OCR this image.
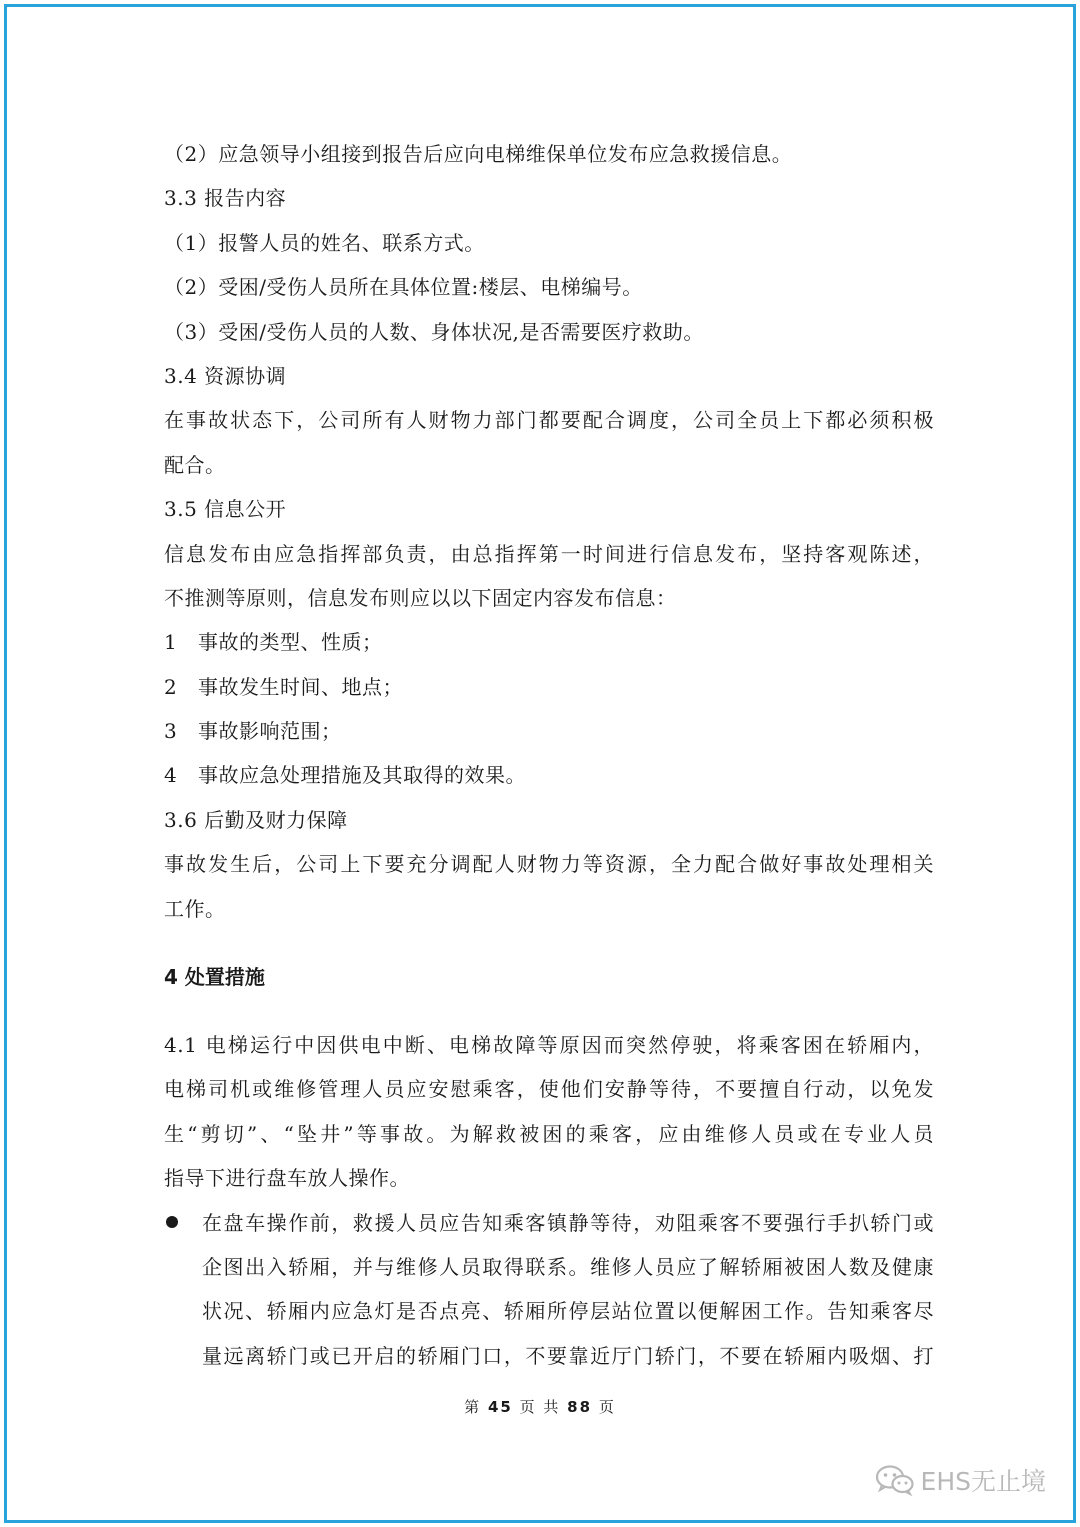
（2）应急领导小组接到报告后应向电梯维保单位发布应急救援信息。
3.3 报告内容
（1）报警人员的姓名、联系方式。
（2）受困/受伤人员所在具体位置:楼层、电梯编号。
（3）受困/受伤人员的人数、身体状况,是否需要医疗救助。
3.4 资源协调
在事故状态下，公司所有人财物力部门都要配合调度，公司全员上下都必须积极
配合。
3.5 信息公开
信息发布由应急指挥部负责，由总指挥第一时间进行信息发布，坚持客观陈述，
不推测等原则，信息发布则应以以下固定内容发布信息：
1 事故的类型、性质；
2 事故发生时间、地点；
3 事故影响范围；
4 事故应急处理措施及其取得的效果。
3.6 后勤及财力保障
事故发生后，公司上下要充分调配人财物力等资源，全力配合做好事故处理相关
工作。
4 处置措施
4.1 电梯运行中因供电中断、电梯故障等原因而突然停驶，将乘客困在轿厢内，
电梯司机或维修管理人员应安慰乘客，使他们安静等待，不要擅自行动，以免发
生“剪切”、“坠井”等事故。为解救被困的乘客，应由维修人员或在专业人员
指导下进行盘车放人操作。
在盘车操作前，救援人员应告知乘客镇静等待，劝阻乘客不要强行手扒轿门或
企图出入轿厢，并与维修人员取得联系。维修人员应了解轿厢被困人数及健康
状况、轿厢内应急灯是否点亮、轿厢所停层站位置以便解困工作。告知乘客尽
量远离轿门或已开启的轿厢门口，不要靠近厅门轿门，不要在轿厢内吸烟、打
第 45 页 共 88 页
EHS无止境
